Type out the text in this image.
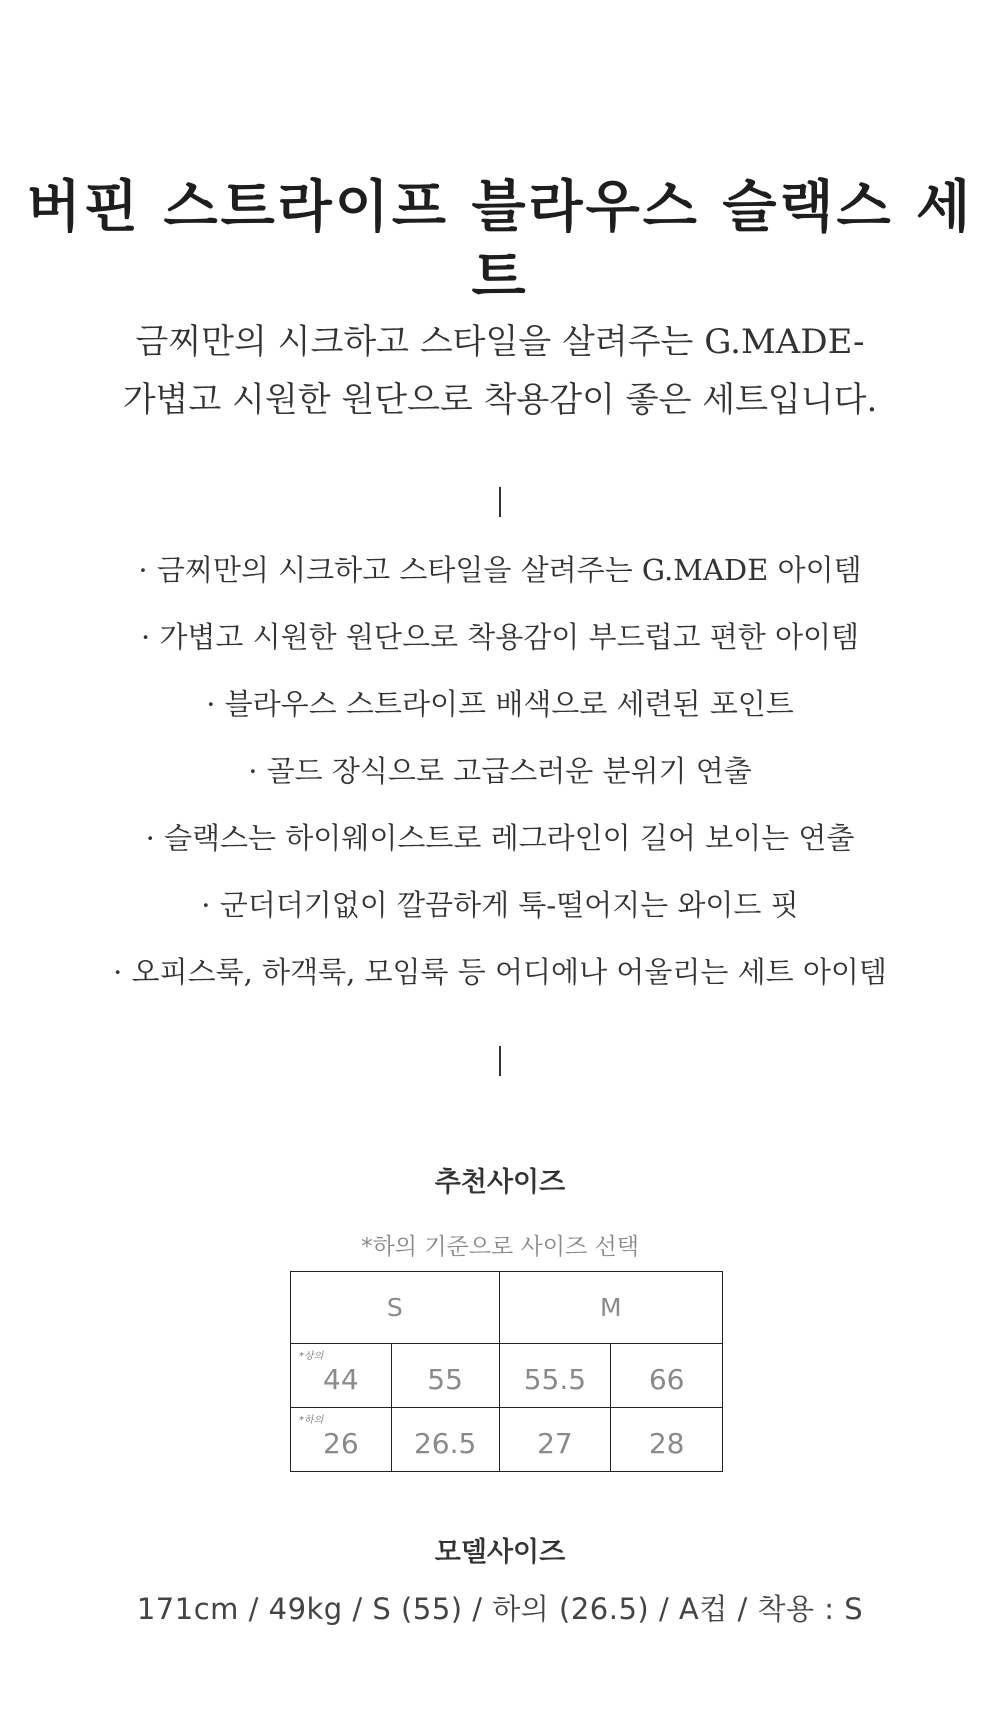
버핀 스트라이프 블라우스 슬랙스 세트
금찌만의 시크하고 스타일을 살려주는 G.MADE-
가볍고 시원한 원단으로 착용감이 좋은 세트입니다.
· 금찌만의 시크하고 스타일을 살려주는 G.MADE 아이템
· 가볍고 시원한 원단으로 착용감이 부드럽고 편한 아이템
· 블라우스 스트라이프 배색으로 세련된 포인트
· 골드 장식으로 고급스러운 분위기 연출
· 슬랙스는 하이웨이스트로 레그라인이 길어 보이는 연출
· 군더더기없이 깔끔하게 툭-떨어지는 와이드 핏
· 오피스룩, 하객룩, 모임룩 등 어디에나 어울리는 세트 아이템
추천사이즈

*하의 기준으로 사이즈 선택

S		M	

*상의
44	55	55.5	66

*하의
26	26.5	27	28
모델사이즈

171cm / 49kg / S (55) / 하의 (26.5) / A컵 / 착용 : S
